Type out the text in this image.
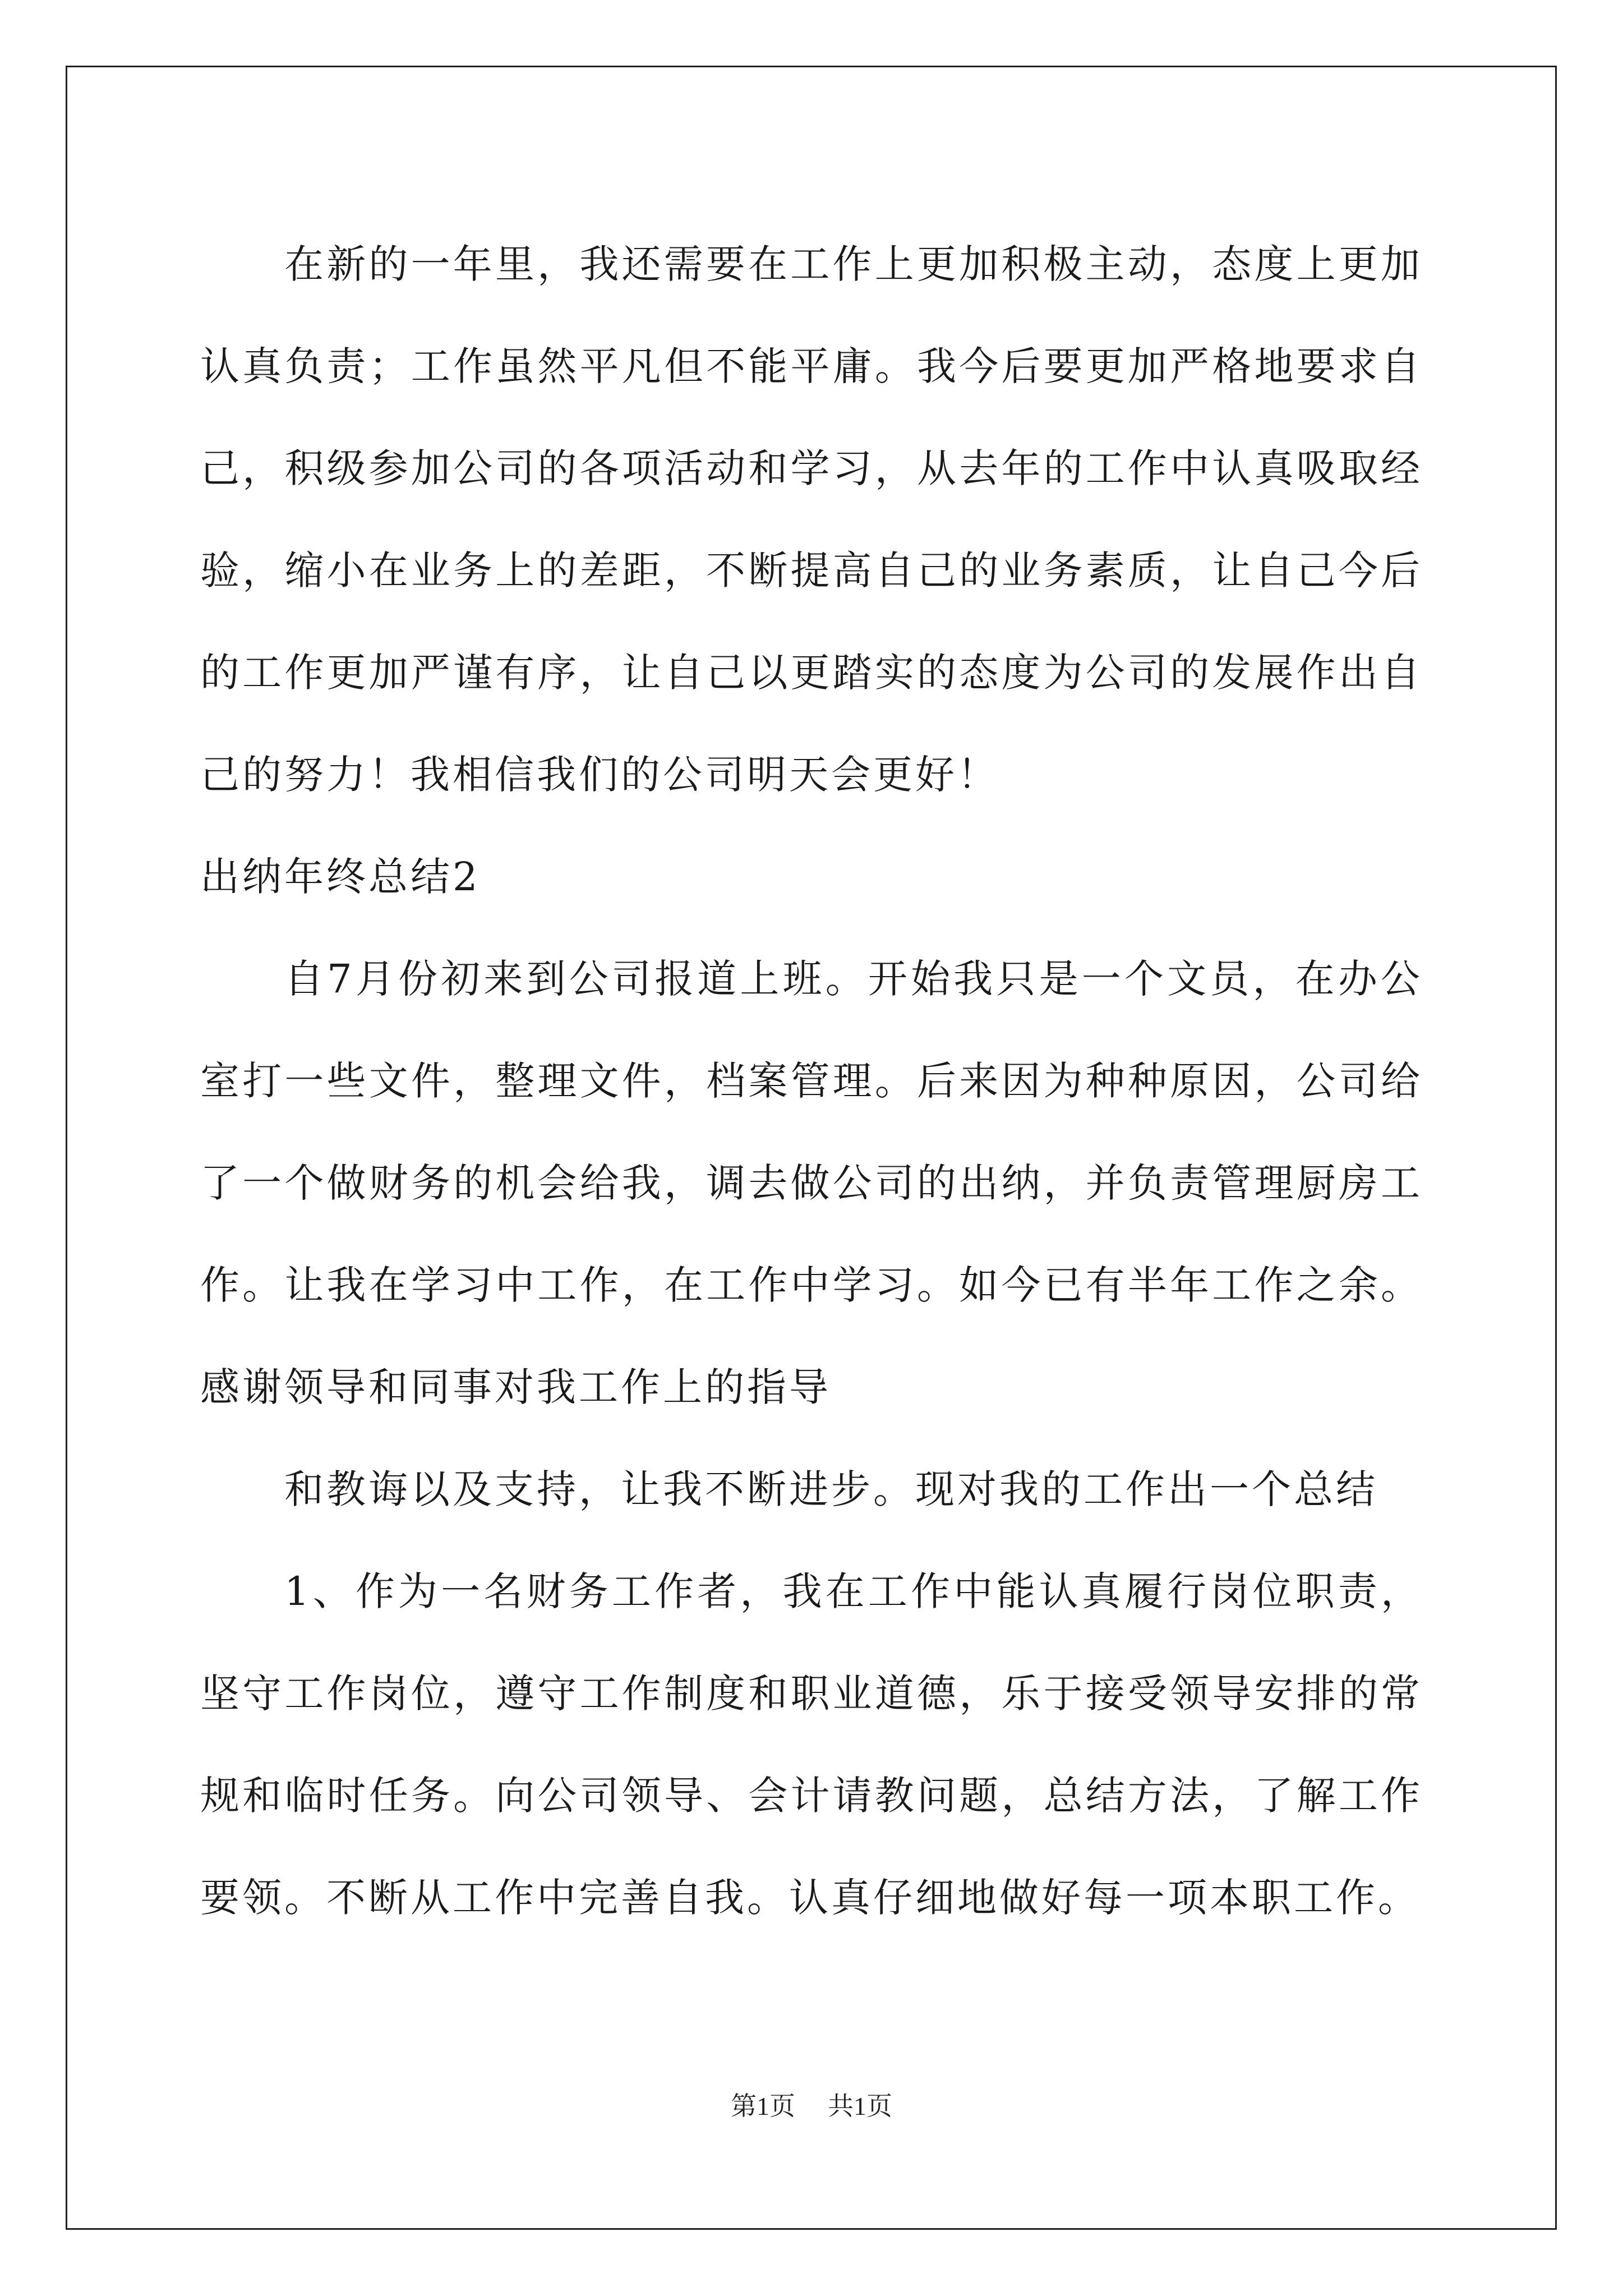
在新的一年里，我还需要在工作上更加积极主动，态度上更加认真负责；工作虽然平凡但不能平庸。我今后要更加严格地要求自己，积级参加公司的各项活动和学习，从去年的工作中认真吸取经验，缩小在业务上的差距，不断提高自己的业务素质，让自己今后的工作更加严谨有序，让自己以更踏实的态度为公司的发展作出自己的努力！我相信我们的公司明天会更好！

出纳年终总结2

自7月份初来到公司报道上班。开始我只是一个文员，在办公室打一些文件，整理文件，档案管理。后来因为种种原因，公司给了一个做财务的机会给我，调去做公司的出纳，并负责管理厨房工作。让我在学习中工作，在工作中学习。如今已有半年工作之余。感谢领导和同事对我工作上的指导

和教诲以及支持，让我不断进步。现对我的工作出一个总结

1、作为一名财务工作者，我在工作中能认真履行岗位职责，坚守工作岗位，遵守工作制度和职业道德，乐于接受领导安排的常规和临时任务。向公司领导、会计请教问题，总结方法，了解工作要领。不断从工作中完善自我。认真仔细地做好每一项本职工作。

第1页 共1页
